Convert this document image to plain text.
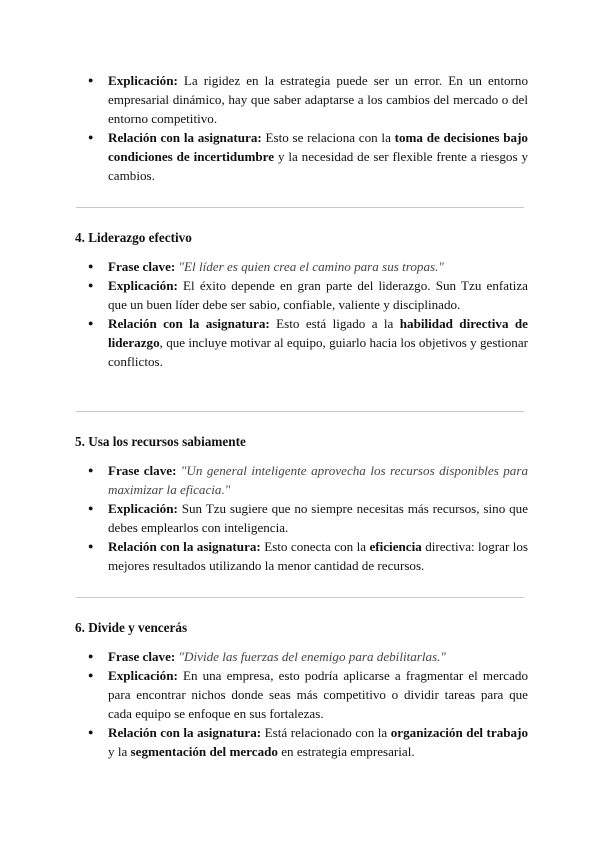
● Explicación: La rigidez en la estrategia puede ser un error. En un entorno empresarial dinámico, hay que saber adaptarse a los cambios del mercado o del entorno competitivo.
● Relación con la asignatura: Esto se relaciona con la toma de decisiones bajo condiciones de incertidumbre y la necesidad de ser flexible frente a riesgos y cambios.
4. Liderazgo efectivo
● Frase clave: "El líder es quien crea el camino para sus tropas."
● Explicación: El éxito depende en gran parte del liderazgo. Sun Tzu enfatiza que un buen líder debe ser sabio, confiable, valiente y disciplinado.
● Relación con la asignatura: Esto está ligado a la habilidad directiva de liderazgo, que incluye motivar al equipo, guiarlo hacia los objetivos y gestionar conflictos.
5. Usa los recursos sabiamente
● Frase clave: "Un general inteligente aprovecha los recursos disponibles para maximizar la eficacia."
● Explicación: Sun Tzu sugiere que no siempre necesitas más recursos, sino que debes emplearlos con inteligencia.
● Relación con la asignatura: Esto conecta con la eficiencia directiva: lograr los mejores resultados utilizando la menor cantidad de recursos.
6. Divide y vencerás
● Frase clave: "Divide las fuerzas del enemigo para debilitarlas."
● Explicación: En una empresa, esto podría aplicarse a fragmentar el mercado para encontrar nichos donde seas más competitivo o dividir tareas para que cada equipo se enfoque en sus fortalezas.
● Relación con la asignatura: Está relacionado con la organización del trabajo y la segmentación del mercado en estrategia empresarial.
